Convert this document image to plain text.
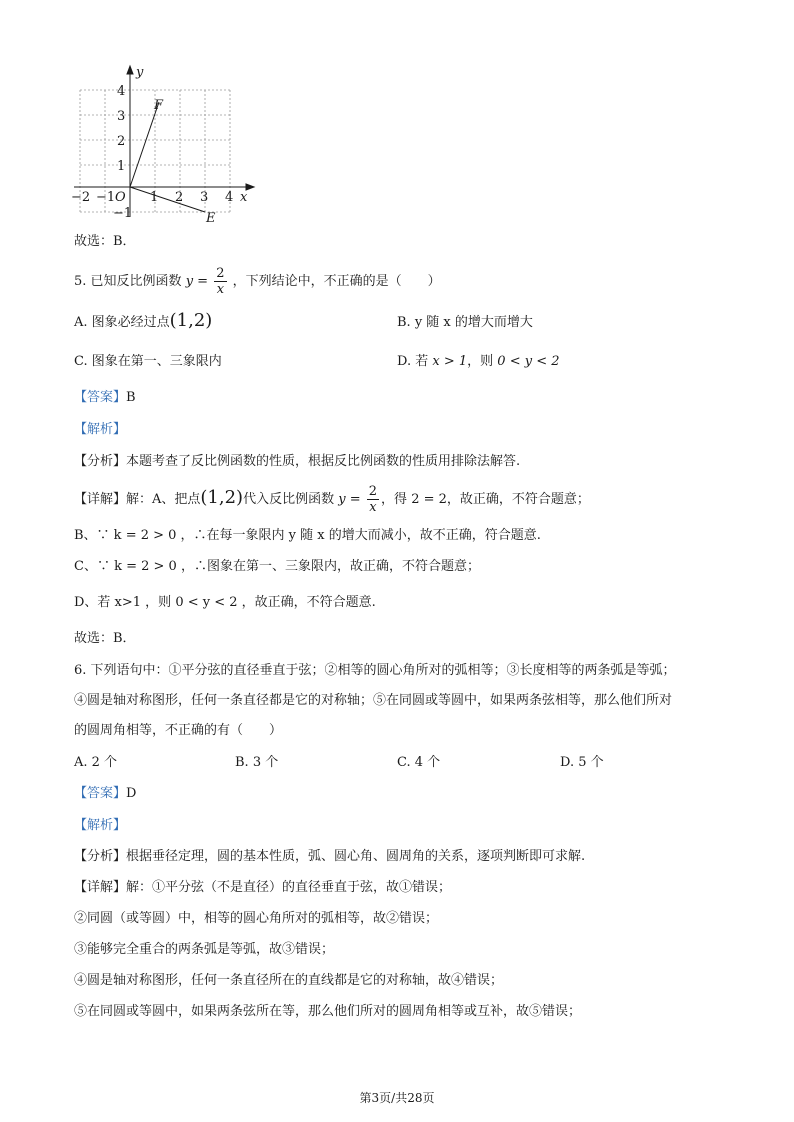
y
x
O
F
E
−2 −1	1 2 3 4
4
3
2
1
−1
故选：B．
5. 已知反比例函数 $y = \frac{2}{x}$ ，下列结论中，不正确的是（　　）
A. 图象必经过点(1,2)	B. y 随 x 的增大而增大
C. 图象在第一、三象限内	D. 若 x > 1，则 0 < y < 2
【答案】B
【解析】
【分析】本题考查了反比例函数的性质，根据反比例函数的性质用排除法解答.
【详解】解：A、把点(1,2)代入反比例函数 $y = \frac{2}{x}$ ，得 2 = 2，故正确，不符合题意；
B、∵ k = 2 > 0 ，∴在每一象限内 y 随 x 的增大而减小，故不正确，符合题意.
C、∵ k = 2 > 0 ，∴图象在第一、三象限内，故正确，不符合题意；
D、若 x>1 ，则 0 < y < 2 ，故正确，不符合题意.
故选：B．
6. 下列语句中：①平分弦的直径垂直于弦；②相等的圆心角所对的弧相等；③长度相等的两条弧是等弧；
④圆是轴对称图形，任何一条直径都是它的对称轴；⑤在同圆或等圆中，如果两条弦相等，那么他们所对
的圆周角相等，不正确的有（　　）
A. 2 个	B. 3 个	C. 4 个	D. 5 个
【答案】D
【解析】
【分析】根据垂径定理，圆的基本性质，弧、圆心角、圆周角的关系，逐项判断即可求解.
【详解】解：①平分弦（不是直径）的直径垂直于弦，故①错误；
②同圆（或等圆）中，相等的圆心角所对的弧相等，故②错误；
③能够完全重合的两条弧是等弧，故③错误；
④圆是轴对称图形，任何一条直径所在的直线都是它的对称轴，故④错误；
⑤在同圆或等圆中，如果两条弦所在等，那么他们所对的圆周角相等或互补，故⑤错误；
第3页/共28页
